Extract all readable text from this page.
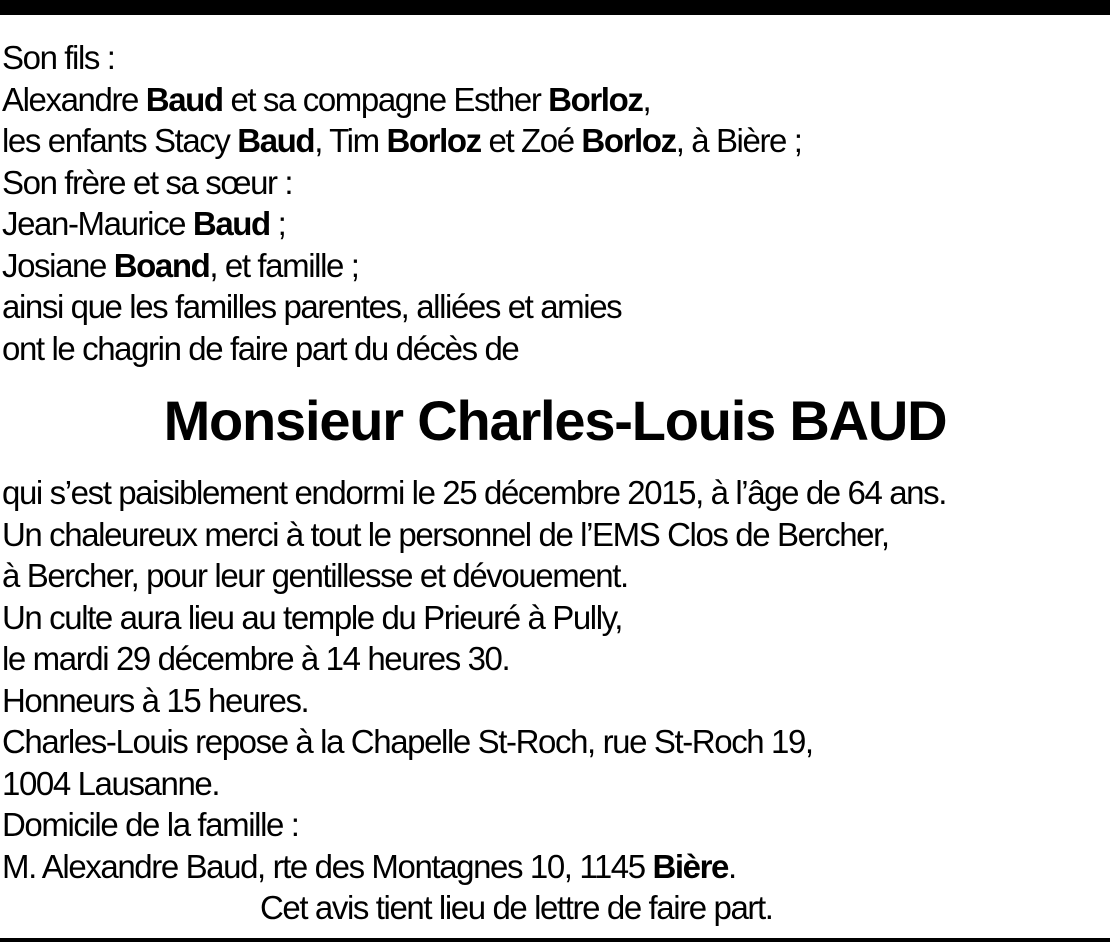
Son fils :
Alexandre Baud et sa compagne Esther Borloz,
les enfants Stacy Baud, Tim Borloz et Zoé Borloz, à Bière ;
Son frère et sa sœur :
Jean-Maurice Baud ;
Josiane Boand, et famille ;
ainsi que les familles parentes, alliées et amies
ont le chagrin de faire part du décès de
Monsieur Charles-Louis BAUD
qui s’est paisiblement endormi le 25 décembre 2015, à l’âge de 64 ans.
Un chaleureux merci à tout le personnel de l’EMS Clos de Bercher,
à Bercher, pour leur gentillesse et dévouement.
Un culte aura lieu au temple du Prieuré à Pully,
le mardi 29 décembre à 14 heures 30.
Honneurs à 15 heures.
Charles-Louis repose à la Chapelle St-Roch, rue St-Roch 19,
1004 Lausanne.
Domicile de la famille :
M. Alexandre Baud, rte des Montagnes 10, 1145 Bière.
Cet avis tient lieu de lettre de faire part.
